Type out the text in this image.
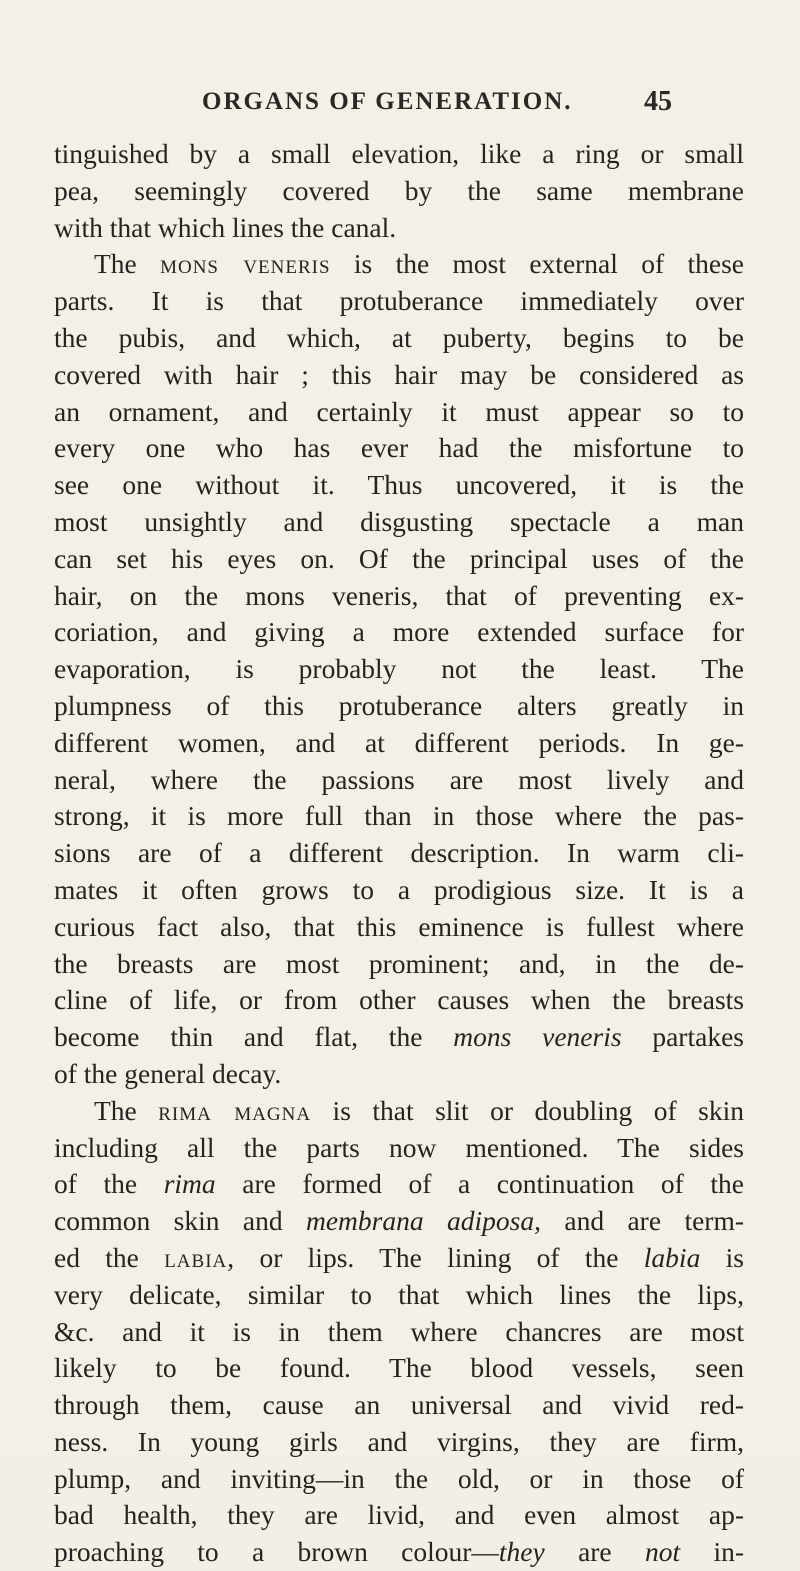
ORGANS OF GENERATION.	45
tinguished by a small elevation, like a ring or small
pea, seemingly covered by the same membrane
with that which lines the canal.
The mons veneris is the most external of these
parts. It is that protuberance immediately over
the pubis, and which, at puberty, begins to be
covered with hair ; this hair may be considered as
an ornament, and certainly it must appear so to
every one who has ever had the misfortune to
see one without it. Thus uncovered, it is the
most unsightly and disgusting spectacle a man
can set his eyes on. Of the principal uses of the
hair, on the mons veneris, that of preventing ex-
coriation, and giving a more extended surface for
evaporation, is probably not the least. The
plumpness of this protuberance alters greatly in
different women, and at different periods. In ge-
neral, where the passions are most lively and
strong, it is more full than in those where the pas-
sions are of a different description. In warm cli-
mates it often grows to a prodigious size. It is a
curious fact also, that this eminence is fullest where
the breasts are most prominent; and, in the de-
cline of life, or from other causes when the breasts
become thin and flat, the mons veneris partakes
of the general decay.
The rima magna is that slit or doubling of skin
including all the parts now mentioned. The sides
of the rima are formed of a continuation of the
common skin and membrana adiposa, and are term-
ed the labia, or lips. The lining of the labia is
very delicate, similar to that which lines the lips,
&c. and it is in them where chancres are most
likely to be found. The blood vessels, seen
through them, cause an universal and vivid red-
ness. In young girls and virgins, they are firm,
plump, and inviting—in the old, or in those of
bad health, they are livid, and even almost ap-
proaching to a brown colour—they are not in-
